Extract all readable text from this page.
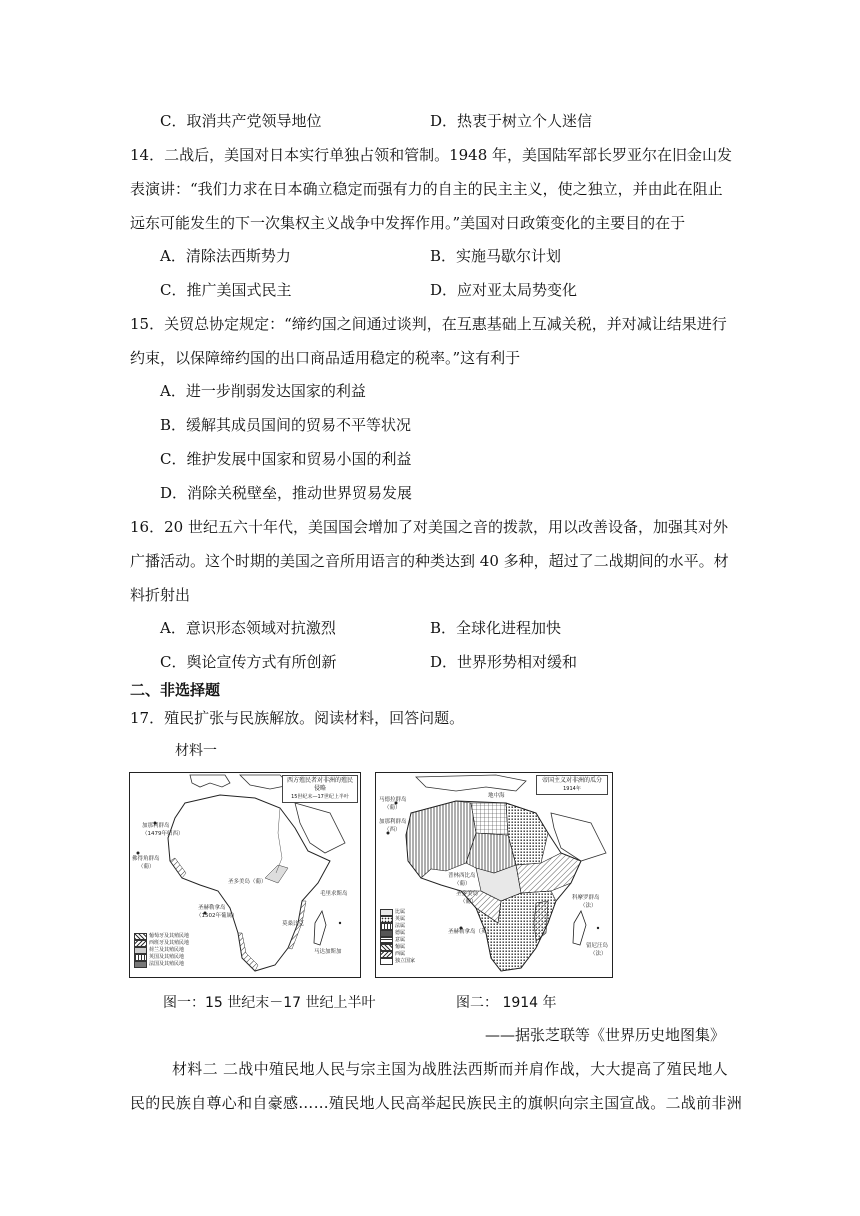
C．取消共产党领导地位	D．热衷于树立个人迷信
14．二战后，美国对日本实行单独占领和管制。1948 年，美国陆军部长罗亚尔在旧金山发
表演讲：“我们力求在日本确立稳定而强有力的自主的民主主义，使之独立，并由此在阻止
远东可能发生的下一次集权主义战争中发挥作用。”美国对日政策变化的主要目的在于
A．清除法西斯势力	B．实施马歇尔计划
C．推广美国式民主	D．应对亚太局势变化
15．关贸总协定规定：“缔约国之间通过谈判，在互惠基础上互减关税，并对减让结果进行
约束，以保障缔约国的出口商品适用稳定的税率。”这有利于
A．进一步削弱发达国家的利益
B．缓解其成员国间的贸易不平等状况
C．维护发展中国家和贸易小国的利益
D．消除关税壁垒，推动世界贸易发展
16．20 世纪五六十年代，美国国会增加了对美国之音的拨款，用以改善设备，加强其对外
广播活动。这个时期的美国之音所用语言的种类达到 40 多种，超过了二战期间的水平。材
料折射出
A．意识形态领域对抗激烈	B．全球化进程加快
C．舆论宣传方式有所创新	D．世界形势相对缓和
二、非选择题
17．殖民扩张与民族解放。阅读材料，回答问题。
材料一
西方殖民者对非洲的殖民侵略
15世纪末—17世纪上半叶
加那利群岛
（1479年归西）
佛得角群岛
（葡）
圣赫勒拿岛
（1502年葡属）
毛里求斯岛
马达加斯加
莫桑比克
圣多美岛（葡）
葡萄牙及其殖民地
西班牙及其殖民地
荷兰及其殖民地
英国及其殖民地
法国及其殖民地
帝国主义对非洲的瓜分
1914年
马德拉群岛
（葡）
加那利群岛
（西）
地中海
普林西比岛
（葡）
圣多美岛
（葡）
科摩罗群岛
（法）
留尼汪岛
（法）
圣赫勒拿岛（英）
比属
英属
法属
德属
意属
葡属
西属
独立国家
图一：15 世纪末－17 世纪上半叶	图二： 1914 年
——据张芝联等《世界历史地图集》
材料二 二战中殖民地人民与宗主国为战胜法西斯而并肩作战，大大提高了殖民地人
民的民族自尊心和自豪感……殖民地人民高举起民族民主的旗帜向宗主国宣战。二战前非洲
